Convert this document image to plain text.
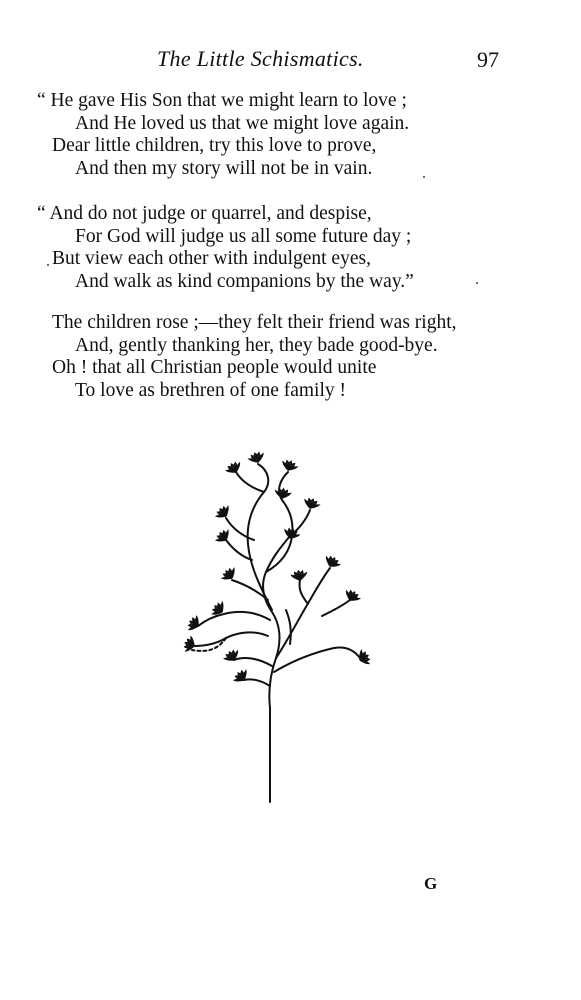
The Little Schismatics.	97
“ He gave His Son that we might learn to love ;
And He loved us that we might love again.
Dear little children, try this love to prove,
And then my story will not be in vain.
“ And do not judge or quarrel, and despise,
For God will judge us all some future day ;
But view each other with indulgent eyes,
And walk as kind companions by the way.”
The children rose ;—they felt their friend was right,
And, gently thanking her, they bade good-bye.
Oh ! that all Christian people would unite
To love as brethren of one family !
G
